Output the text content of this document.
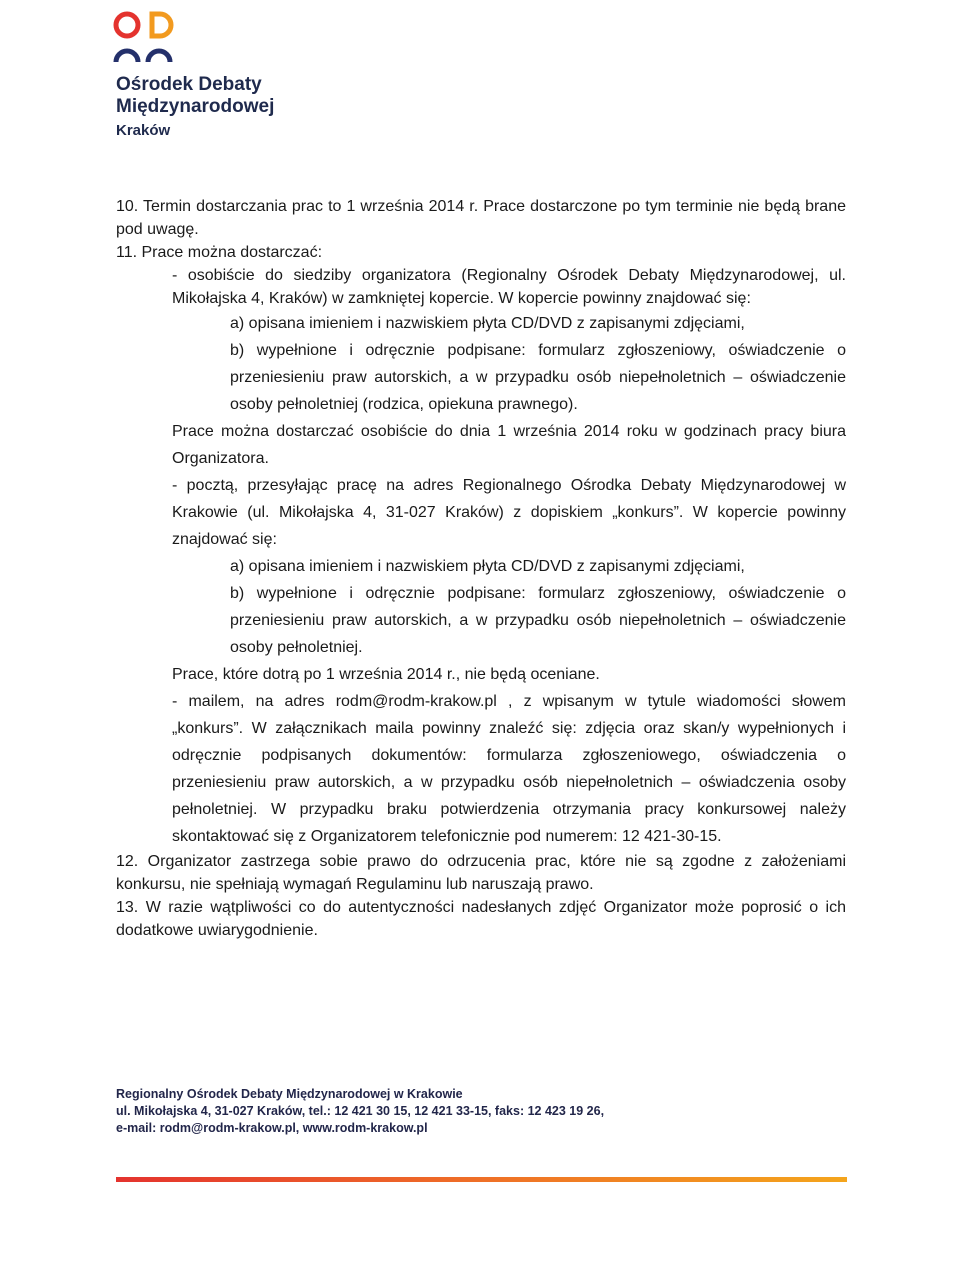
Ośrodek Debaty
Międzynarodowej
Kraków

10. Termin dostarczania prac to 1 września 2014 r. Prace dostarczone po tym terminie nie będą brane pod uwagę.

11. Prace można dostarczać:

- osobiście do siedziby organizatora (Regionalny Ośrodek Debaty Międzynarodowej, ul. Mikołajska 4, Kraków) w zamkniętej kopercie. W kopercie powinny znajdować się:

a) opisana imieniem i nazwiskiem płyta CD/DVD z zapisanymi zdjęciami,

b) wypełnione i odręcznie podpisane: formularz zgłoszeniowy, oświadczenie o przeniesieniu praw autorskich, a w przypadku osób niepełnoletnich – oświadczenie osoby pełnoletniej (rodzica, opiekuna prawnego).

Prace można dostarczać osobiście do dnia 1 września 2014 roku w godzinach pracy biura Organizatora.

- pocztą, przesyłając pracę na adres Regionalnego Ośrodka Debaty Międzynarodowej w Krakowie (ul. Mikołajska 4, 31-027 Kraków) z dopiskiem „konkurs”. W kopercie powinny znajdować się:

a) opisana imieniem i nazwiskiem płyta CD/DVD z zapisanymi zdjęciami,

b) wypełnione i odręcznie podpisane: formularz zgłoszeniowy, oświadczenie o przeniesieniu praw autorskich, a w przypadku osób niepełnoletnich – oświadczenie osoby pełnoletniej.

Prace, które dotrą po 1 września 2014 r., nie będą oceniane.

- mailem, na adres rodm@rodm-krakow.pl , z wpisanym w tytule wiadomości słowem „konkurs”. W załącznikach maila powinny znaleźć się: zdjęcia oraz skan/y wypełnionych i odręcznie podpisanych dokumentów: formularza zgłoszeniowego, oświadczenia o przeniesieniu praw autorskich, a w przypadku osób niepełnoletnich – oświadczenia osoby pełnoletniej. W przypadku braku potwierdzenia otrzymania pracy konkursowej należy skontaktować się z Organizatorem telefonicznie pod numerem: 12 421-30-15.

12. Organizator zastrzega sobie prawo do odrzucenia prac, które nie są zgodne z założeniami konkursu, nie spełniają wymagań Regulaminu lub naruszają prawo.

13. W razie wątpliwości co do autentyczności nadesłanych zdjęć Organizator może poprosić o ich dodatkowe uwiarygodnienie.

Regionalny Ośrodek Debaty Międzynarodowej w Krakowie
ul. Mikołajska 4, 31-027 Kraków, tel.: 12 421 30 15, 12 421 33-15, faks: 12 423 19 26,
e-mail: rodm@rodm-krakow.pl, www.rodm-krakow.pl
